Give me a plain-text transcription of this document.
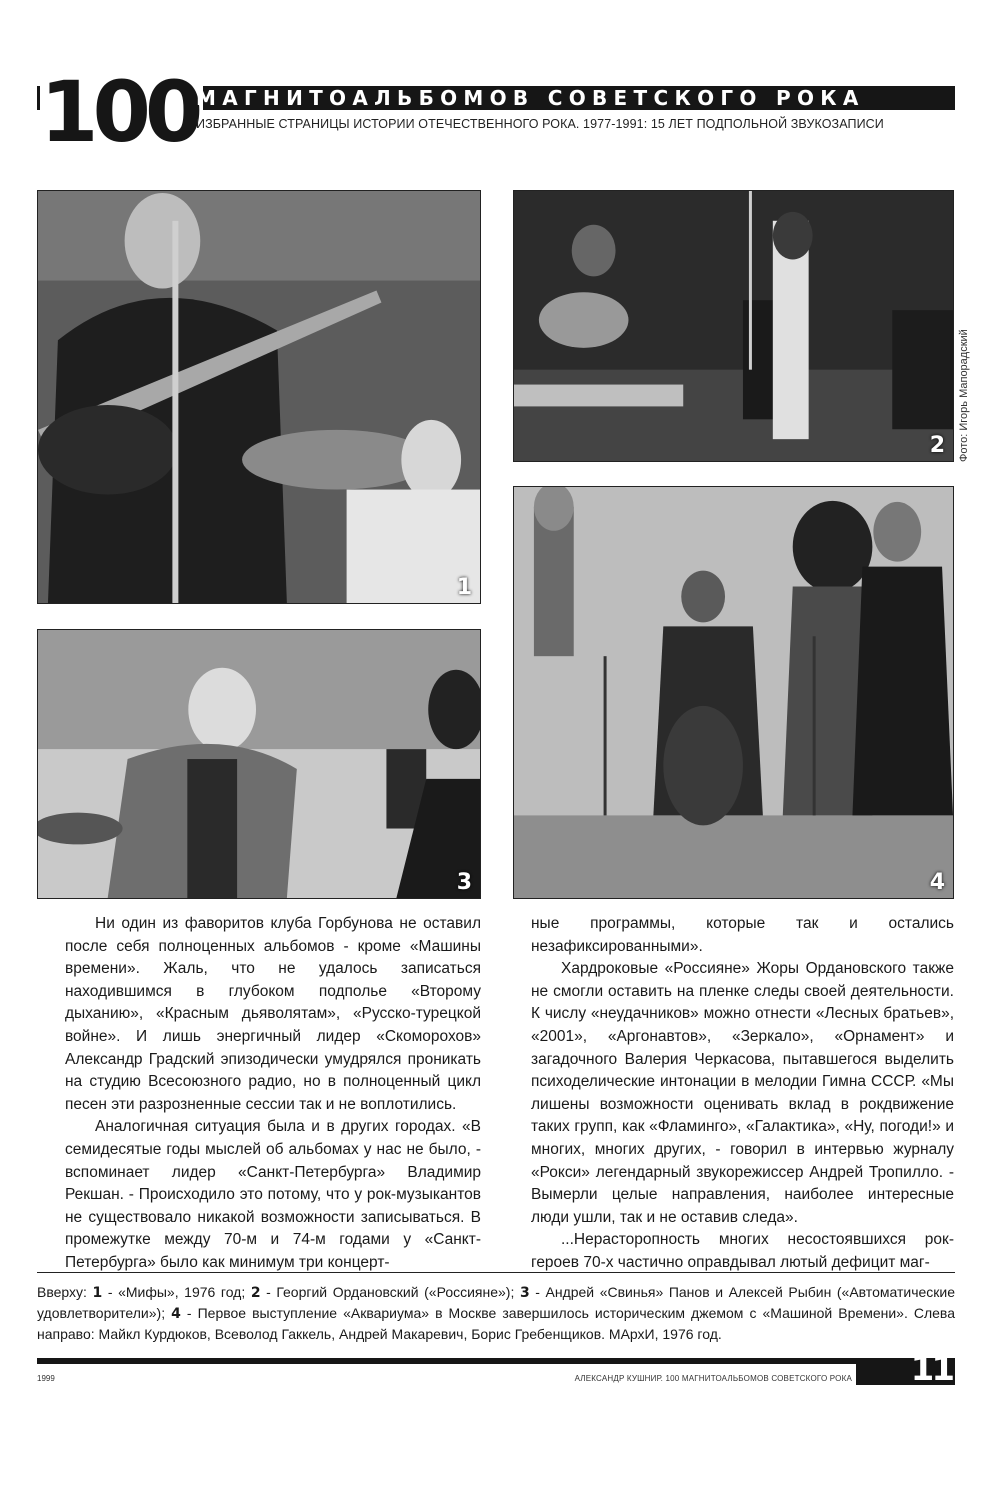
100
МАГНИТОАЛЬБОМОВ СОВЕТСКОГО РОКА
ИЗБРАННЫЕ СТРАНИЦЫ ИСТОРИИ ОТЕЧЕСТВЕННОГО РОКА. 1977-1991: 15 ЛЕТ ПОДПОЛЬНОЙ ЗВУКОЗАПИСИ
1
2 Фото: Игорь Мапорадский
3	4

Ни один из фаворитов клуба Горбунова не оставил после себя полноценных альбомов - кроме «Машины времени». Жаль, что не удалось записаться находившимся в глубоком подполье «Второму дыханию», «Красным дьяволятам», «Русско-турецкой войне». И лишь энергичный лидер «Скоморохов» Александр Градский эпизодически умудрялся проникать на студию Всесоюзного радио, но в полноценный цикл песен эти разрозненные сессии так и не воплотились.

Аналогичная ситуация была и в других городах. «В семидесятые годы мыслей об альбомах у нас не было, - вспоминает лидер «Санкт-Петербурга» Владимир Рекшан. - Происходило это потому, что у рок-музыкантов не существовало никакой возможности записываться. В промежутке между 70-м и 74-м годами у «Санкт-Петербурга» было как минимум три концерт-

ные программы, которые так и остались незафиксированными».

Хардроковые «Россияне» Жоры Ордановского также не смогли оставить на пленке следы своей деятельности. К числу «неудачников» можно отнести «Лесных братьев», «2001», «Аргонавтов», «Зеркало», «Орнамент» и загадочного Валерия Черкасова, пытавшегося выделить психоделические интонации в мелодии Гимна СССР. «Мы лишены возможности оценивать вклад в рокдвижение таких групп, как «Фламинго», «Галактика», «Ну, погоди!» и многих, многих других, - говорил в интервью журналу «Рокси» легендарный звукорежиссер Андрей Тропилло. - Вымерли целые направления, наиболее интересные люди ушли, так и не оставив следа».

...Нерасторопность многих несостоявшихся рок-героев 70-х частично оправдывал лютый дефицит маг-

Вверху: 1 - «Мифы», 1976 год; 2 - Георгий Ордановский («Россияне»); 3 - Андрей «Свинья» Панов и Алексей Рыбин («Автоматические удовлетворители»); 4 - Первое выступление «Аквариума» в Москве завершилось историческим джемом с «Машиной Времени». Слева направо: Майкл Курдюков, Всеволод Гаккель, Андрей Макаревич, Борис Гребенщиков. МАрхИ, 1976 год.
1999	АЛЕКСАНДР КУШНИР. 100 МАГНИТОАЛЬБОМОВ СОВЕТСКОГО РОКА 11
